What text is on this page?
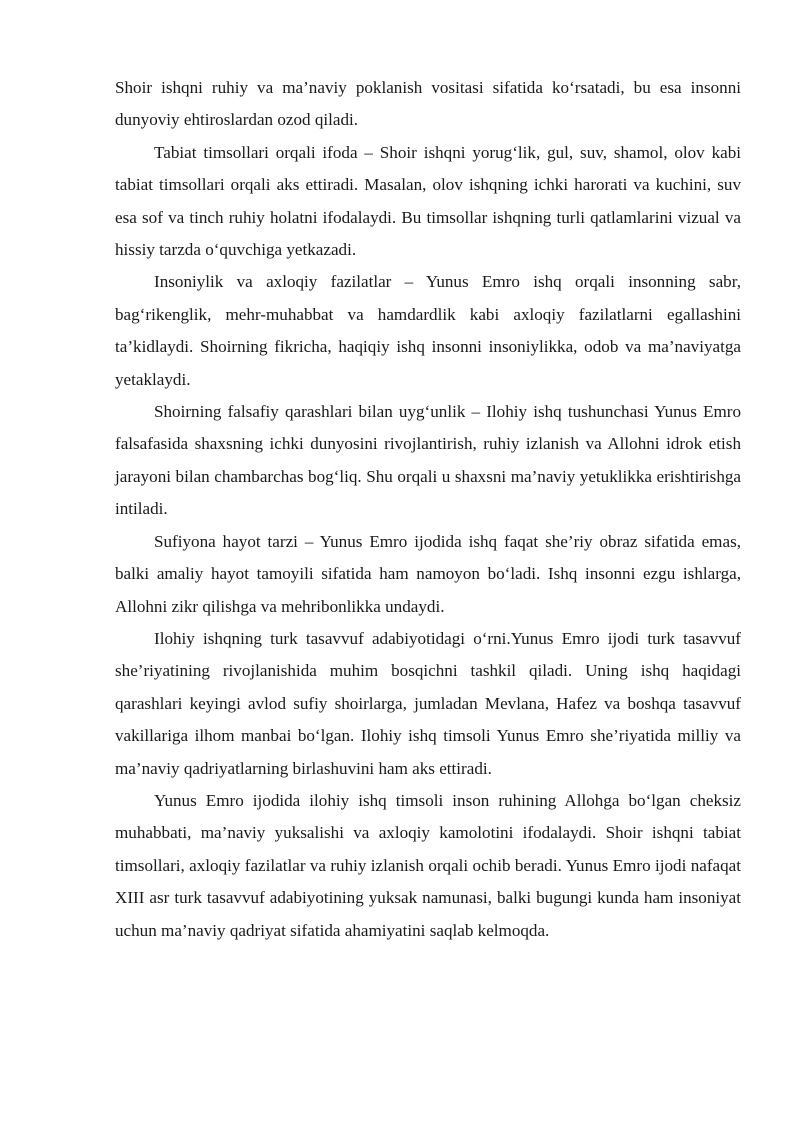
Shoir ishqni ruhiy va ma’naviy poklanish vositasi sifatida ko‘rsatadi, bu esa insonni dunyoviy ehtiroslardan ozod qiladi.

Tabiat timsollari orqali ifoda – Shoir ishqni yorug‘lik, gul, suv, shamol, olov kabi tabiat timsollari orqali aks ettiradi. Masalan, olov ishqning ichki harorati va kuchini, suv esa sof va tinch ruhiy holatni ifodalaydi. Bu timsollar ishqning turli qatlamlarini vizual va hissiy tarzda o‘quvchiga yetkazadi.

Insoniylik va axloqiy fazilatlar – Yunus Emro ishq orqali insonning sabr, bag‘rikenglik, mehr-muhabbat va hamdardlik kabi axloqiy fazilatlarni egallashini ta’kidlaydi. Shoirning fikricha, haqiqiy ishq insonni insoniylikka, odob va ma’naviyatga yetaklaydi.

Shoirning falsafiy qarashlari bilan uyg‘unlik – Ilohiy ishq tushunchasi Yunus Emro falsafasida shaxsning ichki dunyosini rivojlantirish, ruhiy izlanish va Allohni idrok etish jarayoni bilan chambarchas bog‘liq. Shu orqali u shaxsni ma’naviy yetuklikka erishtirishga intiladi.

Sufiyona hayot tarzi – Yunus Emro ijodida ishq faqat she’riy obraz sifatida emas, balki amaliy hayot tamoyili sifatida ham namoyon bo‘ladi. Ishq insonni ezgu ishlarga, Allohni zikr qilishga va mehribonlikka undaydi.

Ilohiy ishqning turk tasavvuf adabiyotidagi o‘rni.Yunus Emro ijodi turk tasavvuf she’riyatining rivojlanishida muhim bosqichni tashkil qiladi. Uning ishq haqidagi qarashlari keyingi avlod sufiy shoirlarga, jumladan Mevlana, Hafez va boshqa tasavvuf vakillariga ilhom manbai bo‘lgan. Ilohiy ishq timsoli Yunus Emro she’riyatida milliy va ma’naviy qadriyatlarning birlashuvini ham aks ettiradi.

Yunus Emro ijodida ilohiy ishq timsoli inson ruhining Allohga bo‘lgan cheksiz muhabbati, ma’naviy yuksalishi va axloqiy kamolotini ifodalaydi. Shoir ishqni tabiat timsollari, axloqiy fazilatlar va ruhiy izlanish orqali ochib beradi. Yunus Emro ijodi nafaqat XIII asr turk tasavvuf adabiyotining yuksak namunasi, balki bugungi kunda ham insoniyat uchun ma’naviy qadriyat sifatida ahamiyatini saqlab kelmoqda.
